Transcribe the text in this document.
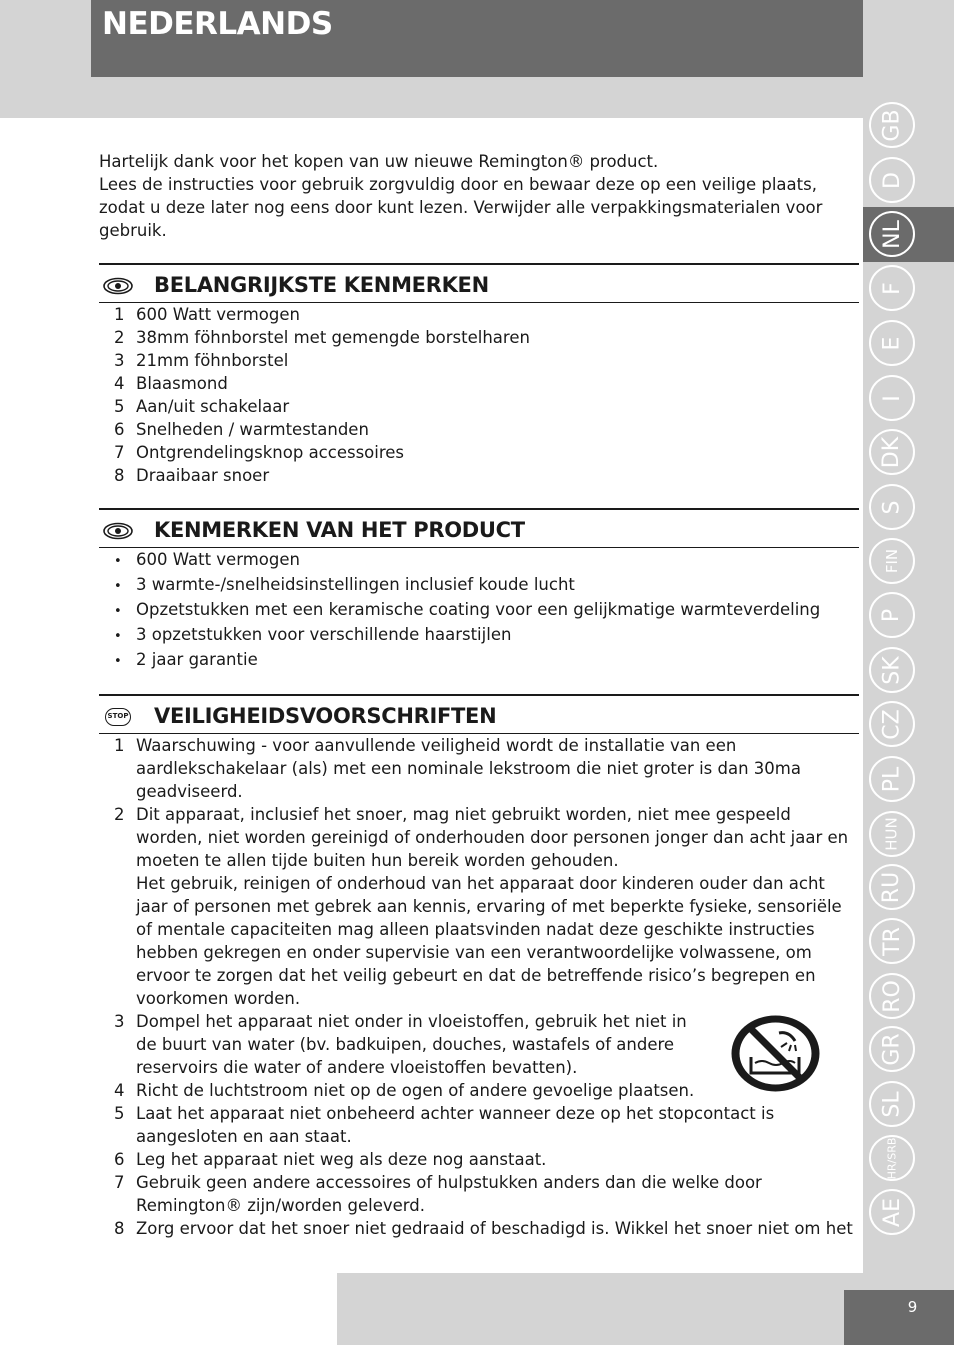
NEDERLANDS
GB
D
NL
F
E
I
DK
S
FIN
P
SK
CZ
PL
HUN
RU
TR
RO
GR
SL
HR/SRB
AE
9

Hartelijk dank voor het kopen van uw nieuwe Remington® product.

Lees de instructies voor gebruik zorgvuldig door en bewaar deze op een veilige plaats, zodat u deze later nog eens door kunt lezen. Verwijder alle verpakkingsmaterialen voor gebruik.

BELANGRIJKSTE KENMERKEN
1 600 Watt vermogen
2 38mm föhnborstel met gemengde borstelharen
3 21mm föhnborstel
4 Blaasmond
5 Aan/uit schakelaar
6 Snelheden / warmtestanden
7 Ontgrendelingsknop accessoires
8 Draaibaar snoer
KENMERKEN VAN HET PRODUCT
• 600 Watt vermogen
• 3 warmte-/snelheidsinstellingen inclusief koude lucht
• Opzetstukken met een keramische coating voor een gelijkmatige warmteverdeling
• 3 opzetstukken voor verschillende haarstijlen
• 2 jaar garantie
STOP VEILIGHEIDSVOORSCHRIFTEN
1 Waarschuwing - voor aanvullende veiligheid wordt de installatie van een aardlekschakelaar (als) met een nominale lekstroom die niet groter is dan 30ma geadviseerd.
2 Dit apparaat, inclusief het snoer, mag niet gebruikt worden, niet mee gespeeld worden, niet worden gereinigd of onderhouden door personen jonger dan acht jaar en moeten te allen tijde buiten hun bereik worden gehouden.
Het gebruik, reinigen of onderhoud van het apparaat door kinderen ouder dan acht jaar of personen met gebrek aan kennis, ervaring of met beperkte fysieke, sensoriële of mentale capaciteiten mag alleen plaatsvinden nadat deze geschikte instructies hebben gekregen en onder supervisie van een verantwoordelijke volwassene, om ervoor te zorgen dat het veilig gebeurt en dat de betreffende risico’s begrepen en voorkomen worden.
3 Dompel het apparaat niet onder in vloeistoffen, gebruik het niet in de buurt van water (bv. badkuipen, douches, wastafels of andere reservoirs die water of andere vloeistoffen bevatten).
4 Richt de luchtstroom niet op de ogen of andere gevoelige plaatsen.
5 Laat het apparaat niet onbeheerd achter wanneer deze op het stopcontact is aangesloten en aan staat.
6 Leg het apparaat niet weg als deze nog aanstaat.
7 Gebruik geen andere accessoires of hulpstukken anders dan die welke door Remington® zijn/worden geleverd.
8 Zorg ervoor dat het snoer niet gedraaid of beschadigd is. Wikkel het snoer niet om het
